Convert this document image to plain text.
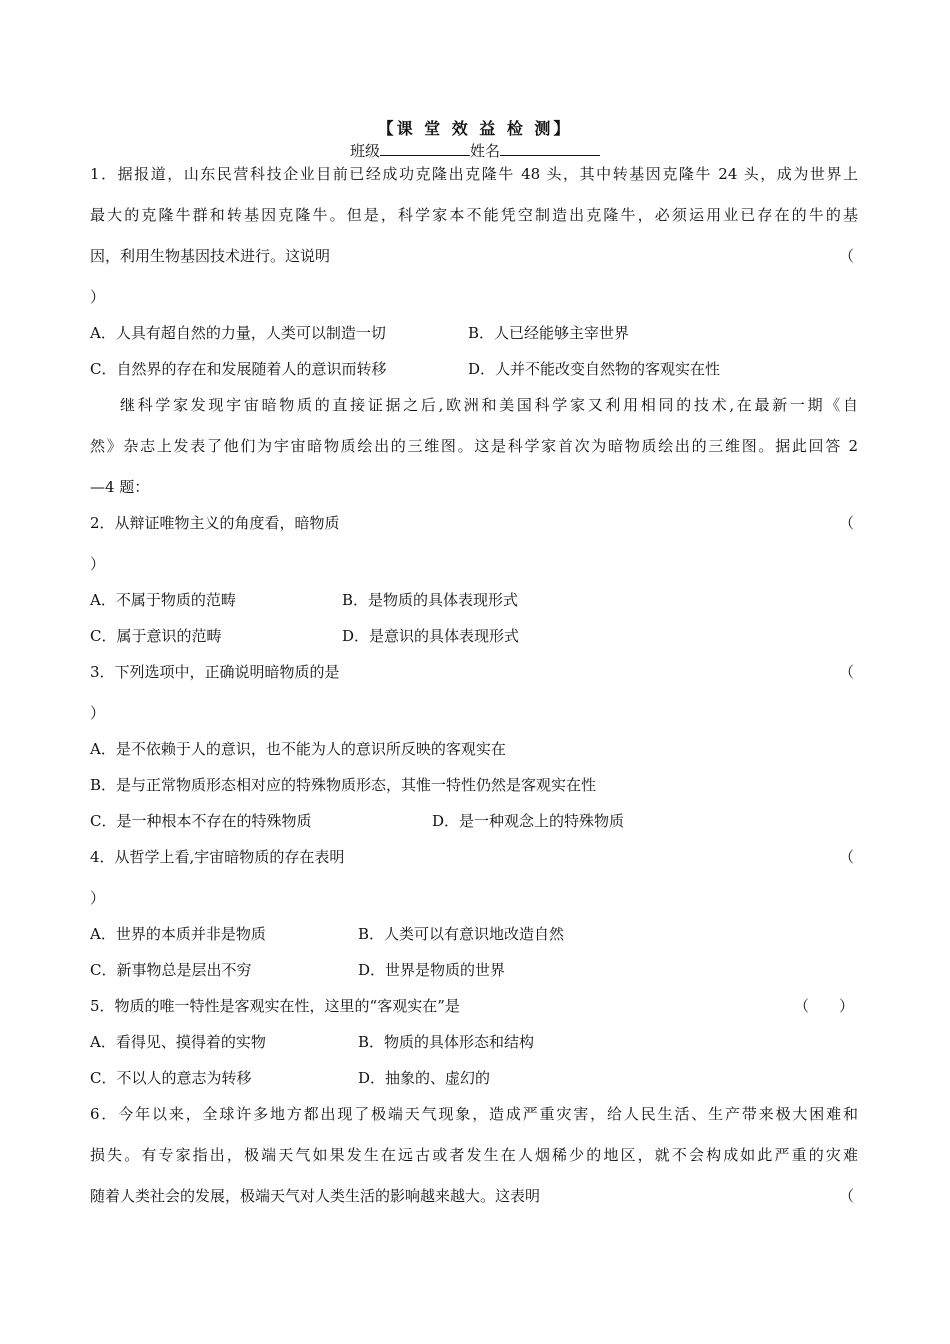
【课 堂 效 益 检 测】
班级	姓名
1．据报道，山东民营科技企业目前已经成功克隆出克隆牛 48 头，其中转基因克隆牛 24 头，成为世界上
最大的克隆牛群和转基因克隆牛。但是，科学家本不能凭空制造出克隆牛，必须运用业已存在的牛的基
因，利用生物基因技术进行。这说明	（
）
A．人具有超自然的力量，人类可以制造一切	B．人已经能够主宰世界
C．自然界的存在和发展随着人的意识而转移	D．人并不能改变自然物的客观实在性
继科学家发现宇宙暗物质的直接证据之后,欧洲和美国科学家又利用相同的技术,在最新一期《自
然》杂志上发表了他们为宇宙暗物质绘出的三维图。这是科学家首次为暗物质绘出的三维图。据此回答 2
—4 题：
2．从辩证唯物主义的角度看，暗物质	（
）
A．不属于物质的范畴	B．是物质的具体表现形式
C．属于意识的范畴	D．是意识的具体表现形式
3．下列选项中，正确说明暗物质的是	（
）
A．是不依赖于人的意识，也不能为人的意识所反映的客观实在
B．是与正常物质形态相对应的特殊物质形态，其惟一特性仍然是客观实在性
C．是一种根本不存在的特殊物质	D．是一种观念上的特殊物质
4．从哲学上看,宇宙暗物质的存在表明	（
）
A．世界的本质并非是物质	B．人类可以有意识地改造自然
C．新事物总是层出不穷	D．世界是物质的世界
5．物质的唯一特性是客观实在性，这里的“客观实在”是	（　　）
A．看得见、摸得着的实物	B．物质的具体形态和结构
C．不以人的意志为转移	D．抽象的、虚幻的
6．今年以来，全球许多地方都出现了极端天气现象，造成严重灾害，给人民生活、生产带来极大困难和
损失。有专家指出，极端天气如果发生在远古或者发生在人烟稀少的地区，就不会构成如此严重的灾难
随着人类社会的发展，极端天气对人类生活的影响越来越大。这表明	（
